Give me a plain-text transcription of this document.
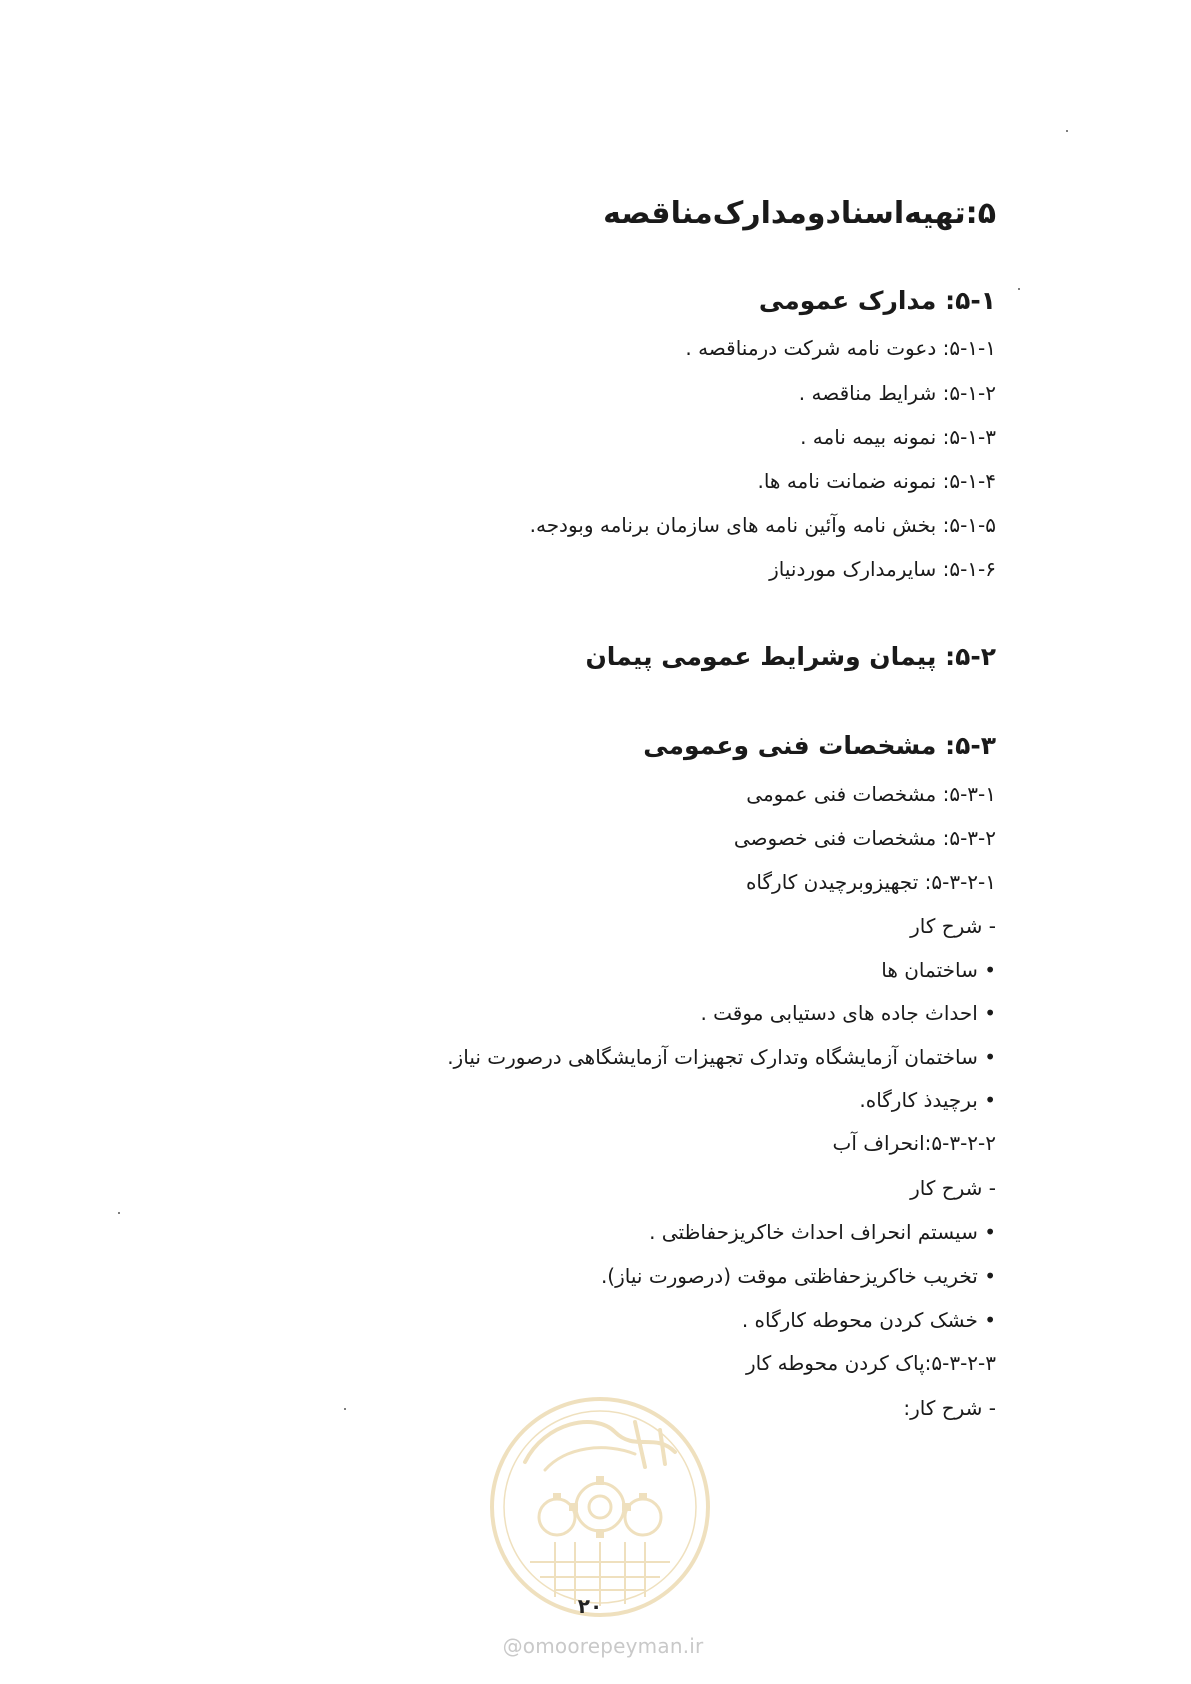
۵:تهیه‌اسنادومدارک‌مناقصه
۵-۱: مدارک عمومی
۵-۱-۱: دعوت نامه شرکت درمناقصه .
۵-۱-۲: شرایط مناقصه .
۵-۱-۳: نمونه بیمه نامه .
۵-۱-۴: نمونه ضمانت نامه ها.
۵-۱-۵: بخش نامه وآئین نامه های سازمان برنامه وبودجه.
۵-۱-۶: سایرمدارک موردنیاز
۵-۲: پیمان وشرایط عمومی پیمان
۵-۳: مشخصات فنی وعمومی
۵-۳-۱: مشخصات فنی عمومی
۵-۳-۲: مشخصات فنی خصوصی
۵-۳-۲-۱: تجهیزوبرچیدن کارگاه
- شرح کار
• ساختمان ها
• احداث جاده های دستیابی موقت .
• ساختمان آزمایشگاه وتدارک تجهیزات آزمایشگاهی درصورت نیاز.
• برچیدذ کارگاه.
۵-۳-۲-۲:انحراف آب
- شرح کار
• سیستم انحراف احداث خاکریزحفاظتی .
• تخریب خاکریزحفاظتی موقت (درصورت نیاز).
• خشک کردن محوطه کارگاه .
۵-۳-۲-۳:پاک کردن محوطه کار
- شرح کار:
۲۰
@omoorepeyman.ir
